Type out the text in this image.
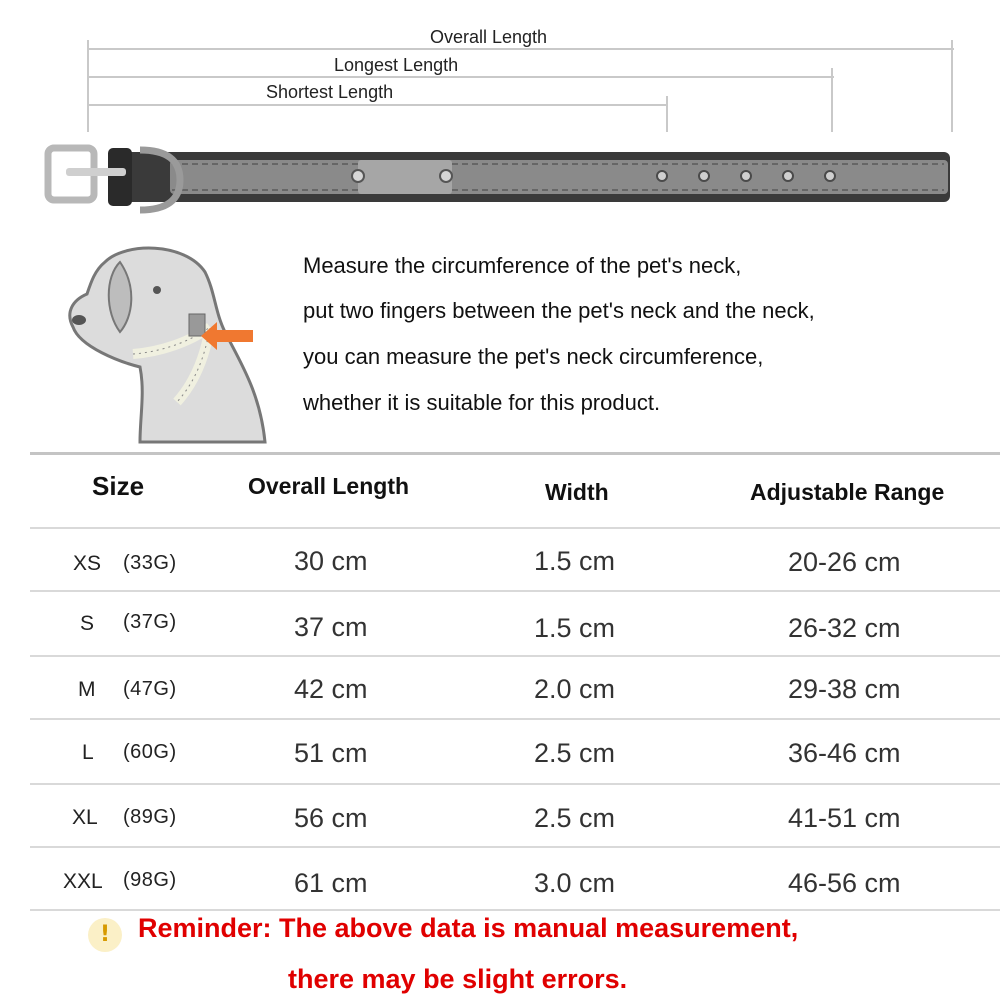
Overall Length
Longest Length
Shortest Length
Measure the circumference of the pet's neck,
put two fingers between the pet's neck and the neck,
you can measure the pet's neck circumference,
whether it is suitable for this product.
Size	Overall Length	Width	Adjustable Range
XS (33G)	30 cm	1.5 cm	20-26 cm
S (37G)	37 cm	1.5 cm	26-32 cm
M (47G)	42 cm	2.0 cm	29-38 cm
L (60G)	51 cm	2.5 cm	36-46 cm
XL (89G)	56 cm	2.5 cm	41-51 cm
XXL (98G)	61 cm	3.0 cm	46-56 cm
!	Reminder: The above data is manual measurement,
there may be slight errors.
